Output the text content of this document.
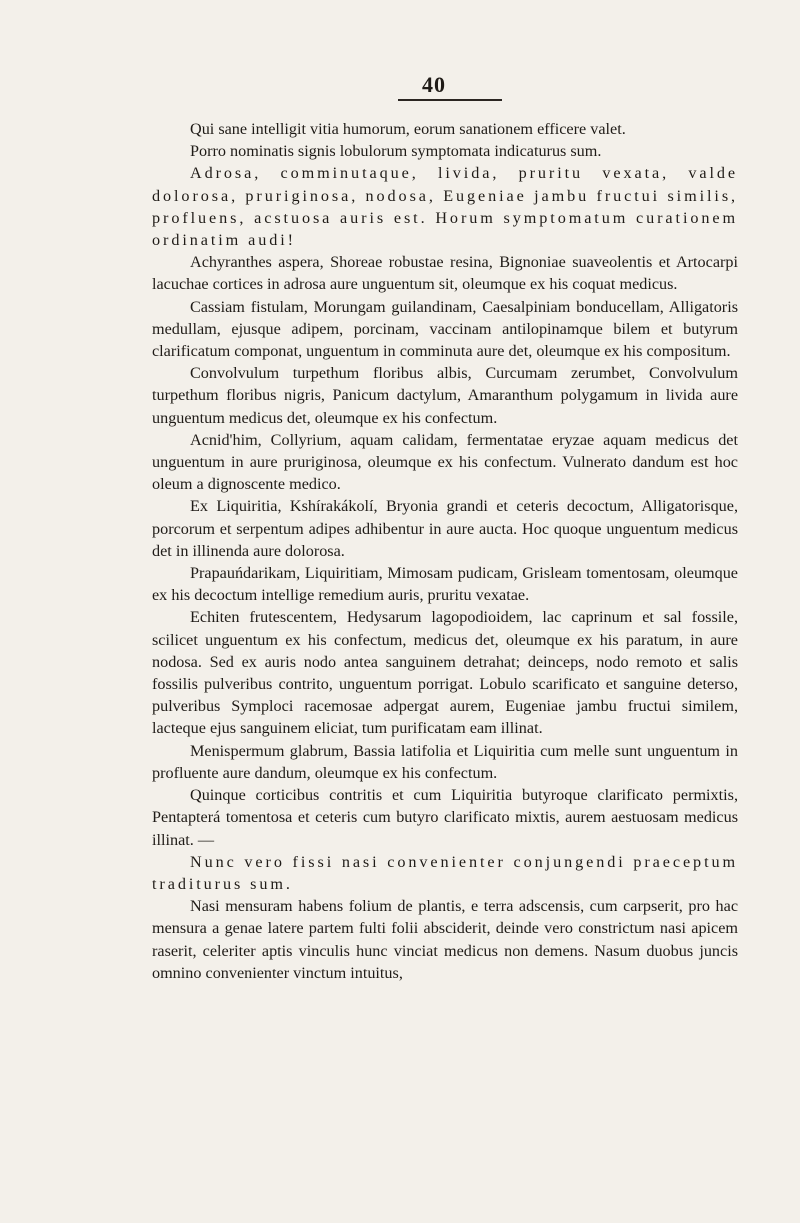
40

Qui sane intelligit vitia humorum, eorum sanationem efficere valet.

Porro nominatis signis lobulorum symptomata indicaturus sum.

Adrosa, comminutaque, livida, pruritu vexata, valde dolorosa, pruriginosa, nodosa, Eugeniae jambu fructui similis, profluens, acstuosa auris est. Horum symptomatum curationem ordinatim audi!

Achyranthes aspera, Shoreae robustae resina, Bignoniae suaveolentis et Artocarpi lacuchae cortices in adrosa aure unguentum sit, oleumque ex his coquat medicus.

Cassiam fistulam, Morungam guilandinam, Caesalpiniam bonducellam, Alligatoris medullam, ejusque adipem, porcinam, vaccinam antilopinamque bilem et butyrum clarificatum componat, unguentum in comminuta aure det, oleumque ex his compositum.

Convolvulum turpethum floribus albis, Curcumam zerumbet, Convolvulum turpethum floribus nigris, Panicum dactylum, Amaranthum polygamum in livida aure unguentum medicus det, oleumque ex his confectum.

Acnid'him, Collyrium, aquam calidam, fermentatae eryzae aquam medicus det unguentum in aure pruriginosa, oleumque ex his confectum. Vulnerato dandum est hoc oleum a dignoscente medico.

Ex Liquiritia, Kshírakákolí, Bryonia grandi et ceteris decoctum, Alligatorisque, porcorum et serpentum adipes adhibentur in aure aucta. Hoc quoque unguentum medicus det in illinenda aure dolorosa.

Prapauńdarikam, Liquiritiam, Mimosam pudicam, Grisleam tomentosam, oleumque ex his decoctum intellige remedium auris, pruritu vexatae.

Echiten frutescentem, Hedysarum lagopodioidem, lac caprinum et sal fossile, scilicet unguentum ex his confectum, medicus det, oleumque ex his paratum, in aure nodosa. Sed ex auris nodo antea sanguinem detrahat; deinceps, nodo remoto et salis fossilis pulveribus contrito, unguentum porrigat. Lobulo scarificato et sanguine deterso, pulveribus Symploci racemosae adpergat aurem, Eugeniae jambu fructui similem, lacteque ejus sanguinem eliciat, tum purificatam eam illinat.

Menispermum glabrum, Bassia latifolia et Liquiritia cum melle sunt unguentum in profluente aure dandum, oleumque ex his confectum.

Quinque corticibus contritis et cum Liquiritia butyroque clarificato permixtis, Pentapterá tomentosa et ceteris cum butyro clarificato mixtis, aurem aestuosam medicus illinat. —

Nunc vero fissi nasi convenienter conjungendi praeceptum traditurus sum.

Nasi mensuram habens folium de plantis, e terra adscensis, cum carpserit, pro hac mensura a genae latere partem fulti folii absciderit, deinde vero constrictum nasi apicem raserit, celeriter aptis vinculis hunc vinciat medicus non demens. Nasum duobus juncis omnino convenienter vinctum intuitus,
